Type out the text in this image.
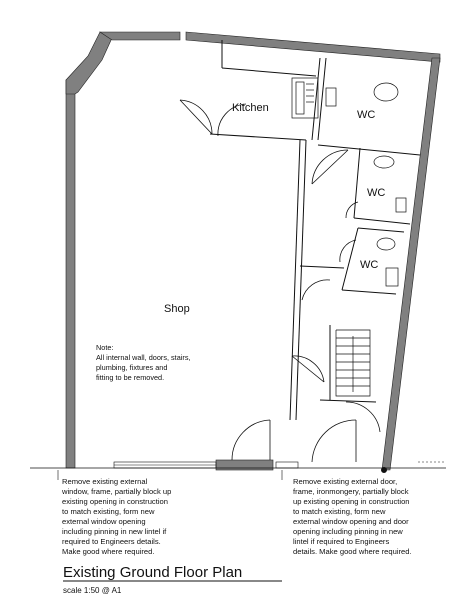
Kitchen
WC
WC
WC
Shop
Note:
All internal wall, doors, stairs,
plumbing, fixtures and
fitting to be removed.
Remove existing external
window, frame, partially block up
existing opening in construction
to match existing, form new
external window opening
including pinning in new lintel if
required to Engineers details.
Make good where required.
Remove existing external door,
frame, ironmongery, partially block
up existing opening in construction
to match existing, form new
external window opening and door
opening including pinning in new
lintel if required to Engineers
details. Make good where required.
Existing Ground Floor Plan
scale 1:50 @ A1
